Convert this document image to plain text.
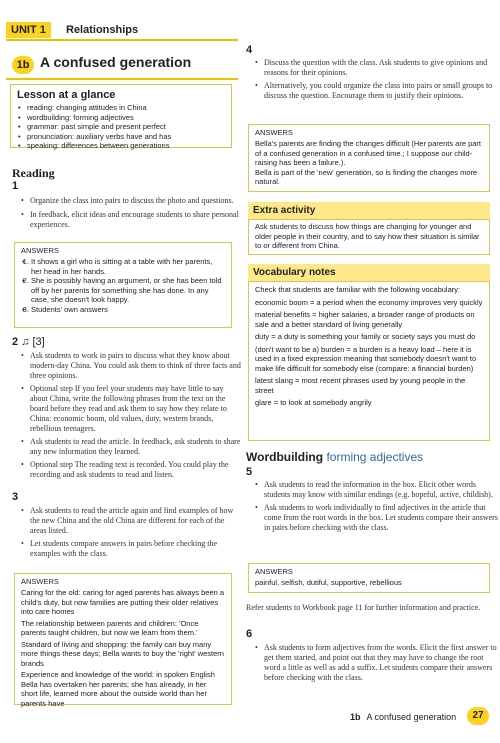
UNIT 1	Relationships
1b A confused generation
Lesson at a glance
• reading: changing attitudes in China
• wordbuilding: forming adjectives
• grammar: past simple and present perfect
• pronunciation: auxiliary verbs have and has
• speaking: differences between generations
Reading
1
• Organize the class into pairs to discuss the photo and questions.
• In feedback, elicit ideas and encourage students to share personal experiences.
ANSWERS
• 1. It shows a girl who is sitting at a table with her parents, her head in her hands.
• 2. She is possibly having an argument, or she has been told off by her parents for something she has done. In any case, she doesn't look happy.
• 3. Students' own answers
2 ♫ [3]
• Ask students to work in pairs to discuss what they know about modern-day China. You could ask them to think of three facts and three opinions.
• Optional step If you feel your students may have little to say about China, write the following phrases from the text on the board before they read and ask them to say how they relate to China: economic boom, old values, duty, western brands, rebellious teenagers.
• Ask students to read the article. In feedback, ask students to share any new information they learned.
• Optional step The reading text is recorded. You could play the recording and ask students to read and listen.
3
• Ask students to read the article again and find examples of how the new China and the old China are different for each of the areas listed.
• Let students compare answers in pairs before checking the examples with the class.
ANSWERS
Caring for the old: caring for aged parents has always been a child's duty, but now families are putting their older relatives into care homes
The relationship between parents and children: 'Once parents taught children, but now we learn from them.'
Standard of living and shopping: the family can buy many more things these days; Bella wants to buy the 'right' western brands
Experience and knowledge of the world: in spoken English Bella has overtaken her parents; she has already, in her short life, learned more about the outside world than her parents have
4
• Discuss the question with the class. Ask students to give opinions and reasons for their opinions.
• Alternatively, you could organize the class into pairs or small groups to discuss the question. Encourage them to justify their opinions.
ANSWERS
Bella's parents are finding the changes difficult (Her parents are part of a confused generation in a confused time.; I suppose our child-raising has been a failure.).
Bella is part of the 'new' generation, so is finding the changes more natural.
Extra activity
Ask students to discuss how things are changing for younger and older people in their country, and to say how their situation is similar to or different from China.
Vocabulary notes
Check that students are familiar with the following vocabulary:
economic boom = a period when the economy improves very quickly
material benefits = higher salaries, a broader range of products on sale and a better standard of living generally
duty = a duty is something your family or society says you must do
(don't want to be a) burden = a burden is a heavy load – here it is used in a fixed expression meaning that somebody doesn't want to make life difficult for somebody else (compare: a financial burden)
latest slang = most recent phrases used by young people in the street
glare = to look at somebody angrily
Wordbuilding forming adjectives
5
• Ask students to read the information in the box. Elicit other words students may know with similar endings (e.g. hopeful, active, childish).
• Ask students to work individually to find adjectives in the article that come from the root words in the box. Let students compare their answers in pairs before checking with the class.
ANSWERS
painful, selfish, dutiful, supportive, rebellious
Refer students to Workbook page 11 for further information and practice.
6
• Ask students to form adjectives from the words. Elicit the first answer to get them started, and point out that they may have to change the root word a little as well as add a suffix. Let students compare their answers before checking with the class.
1b A confused generation	27
